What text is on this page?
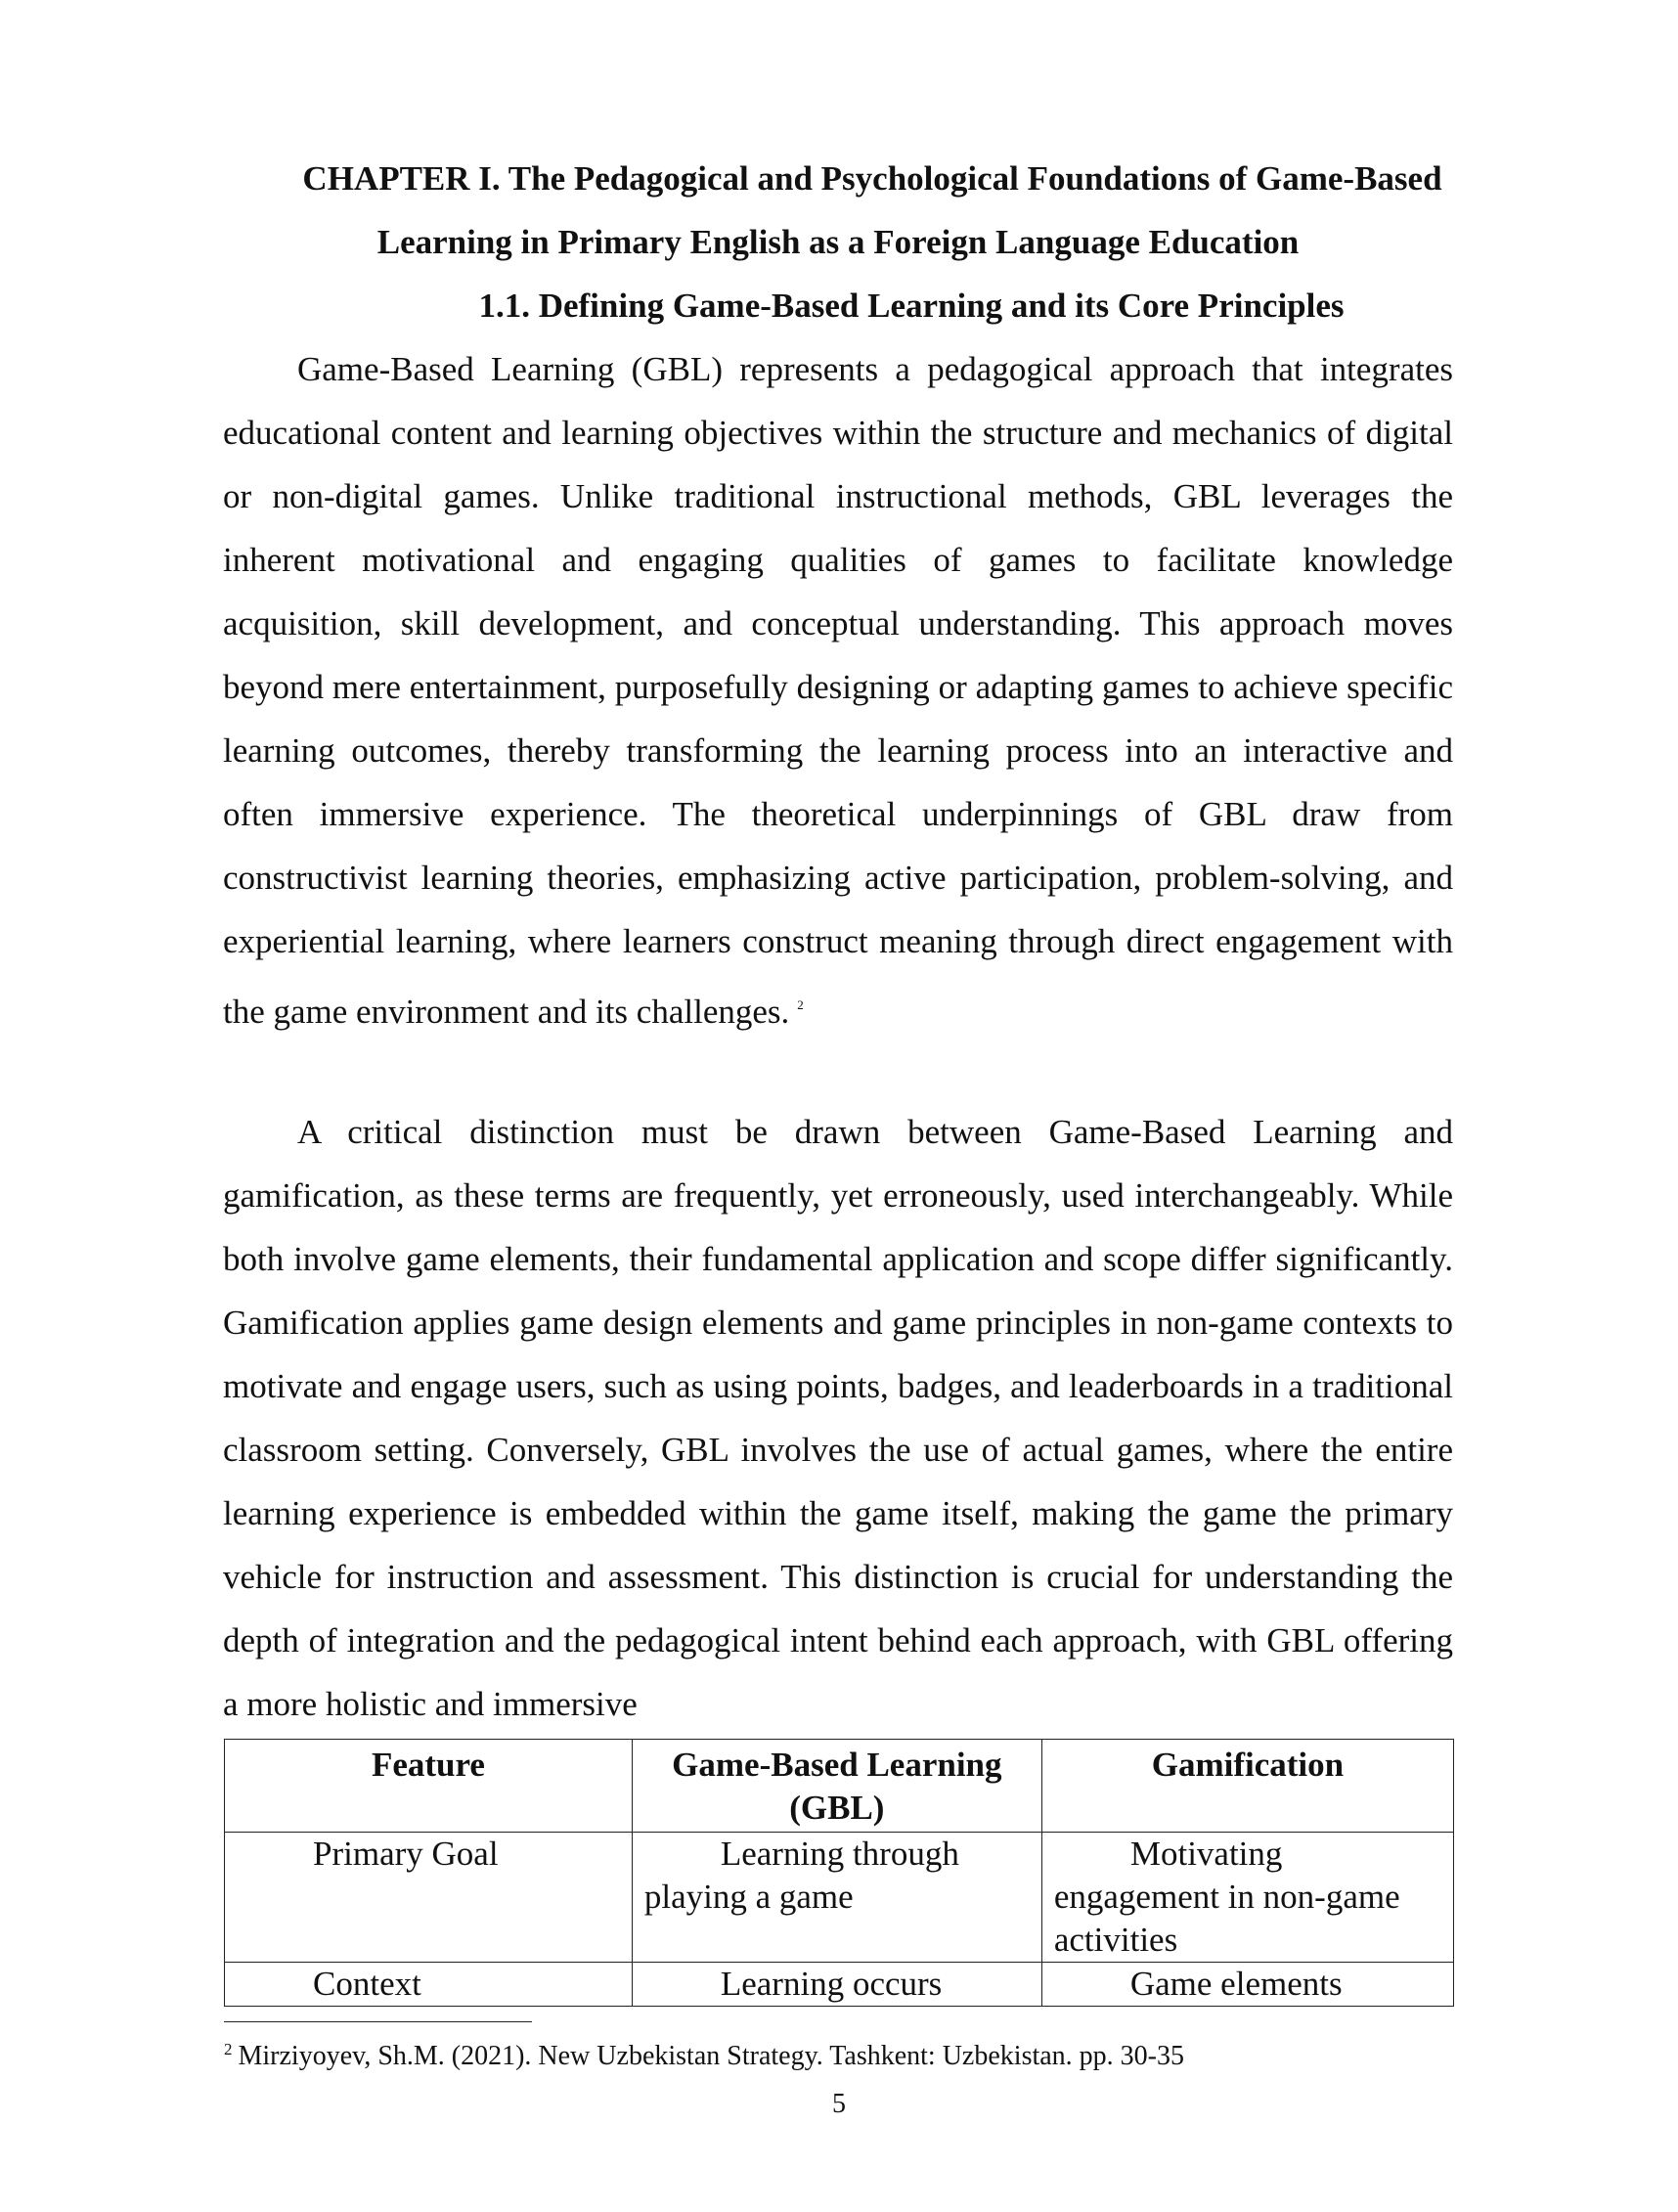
CHAPTER I. The Pedagogical and Psychological Foundations of Game-Based Learning in Primary English as a Foreign Language Education
1.1. Defining Game-Based Learning and its Core Principles
Game-Based Learning (GBL) represents a pedagogical approach that integrates educational content and learning objectives within the structure and mechanics of digital or non-digital games. Unlike traditional instructional methods, GBL leverages the inherent motivational and engaging qualities of games to facilitate knowledge acquisition, skill development, and conceptual understanding. This approach moves beyond mere entertainment, purposefully designing or adapting games to achieve specific learning outcomes, thereby transforming the learning process into an interactive and often immersive experience. The theoretical underpinnings of GBL draw from constructivist learning theories, emphasizing active participation, problem-solving, and experiential learning, where learners construct meaning through direct engagement with the game environment and its challenges. $^2$
A critical distinction must be drawn between Game-Based Learning and gamification, as these terms are frequently, yet erroneously, used interchangeably. While both involve game elements, their fundamental application and scope differ significantly. Gamification applies game design elements and game principles in non-game contexts to motivate and engage users, such as using points, badges, and leaderboards in a traditional classroom setting. Conversely, GBL involves the use of actual games, where the entire learning experience is embedded within the game itself, making the game the primary vehicle for instruction and assessment. This distinction is crucial for understanding the depth of integration and the pedagogical intent behind each approach, with GBL offering a more holistic and immersive
Feature	Game-Based Learning (GBL)	Gamification

Primary Goal	Learning through playing a game	Motivating engagement in non-game activities

Context	Learning occurs	Game elements
$^2$ Mirziyoyev, Sh.M. (2021). New Uzbekistan Strategy. Tashkent: Uzbekistan. pp. 30-35
5
